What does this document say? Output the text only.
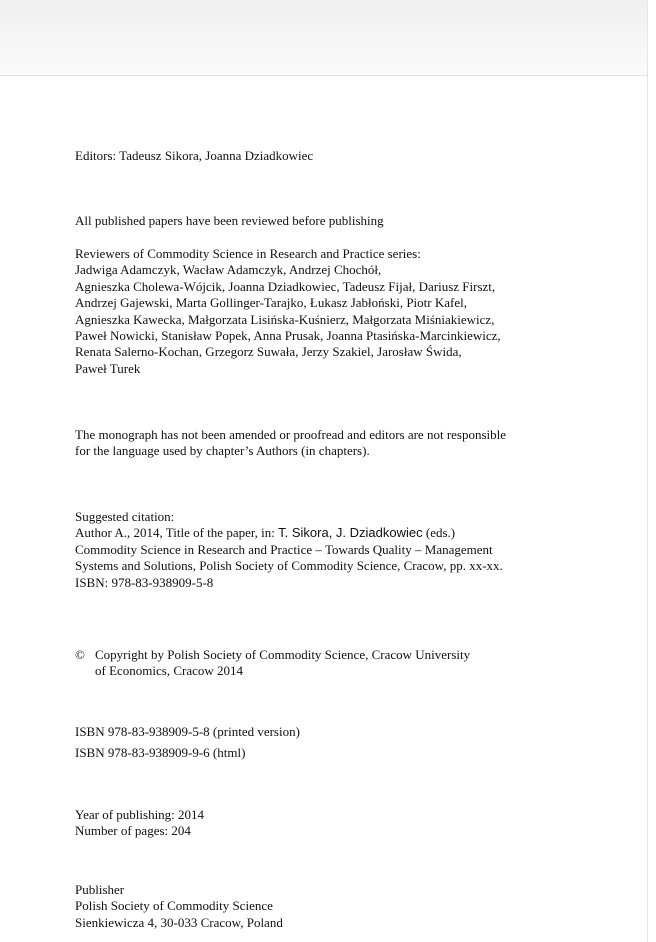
Editors: Tadeusz Sikora, Joanna Dziadkowiec

All published papers have been reviewed before publishing

Reviewers of Commodity Science in Research and Practice series:
Jadwiga Adamczyk, Wacław Adamczyk, Andrzej Chochół,
Agnieszka Cholewa-Wójcik, Joanna Dziadkowiec, Tadeusz Fijał, Dariusz Firszt,
Andrzej Gajewski, Marta Gollinger-Tarajko, Łukasz Jabłoński, Piotr Kafel,
Agnieszka Kawecka, Małgorzata Lisińska-Kuśnierz, Małgorzata Miśniakiewicz,
Paweł Nowicki, Stanisław Popek, Anna Prusak, Joanna Ptasińska-Marcinkiewicz,
Renata Salerno-Kochan, Grzegorz Suwała, Jerzy Szakiel, Jarosław Świda,
Paweł Turek
The monograph has not been amended or proofread and editors are not responsible
for the language used by chapter’s Authors (in chapters).
Suggested citation:
Author A., 2014, Title of the paper, in: T. Sikora, J. Dziadkowiec (eds.)
Commodity Science in Research and Practice – Towards Quality – Management
Systems and Solutions, Polish Society of Commodity Science, Cracow, pp. xx-xx.
ISBN: 978-83-938909-5-8
© Copyright by Polish Society of Commodity Science, Cracow University
of Economics, Cracow 2014
ISBN 978-83-938909-5-8 (printed version)
ISBN 978-83-938909-9-6 (html)
Year of publishing: 2014
Number of pages: 204
Publisher
Polish Society of Commodity Science
Sienkiewicza 4, 30-033 Cracow, Poland
